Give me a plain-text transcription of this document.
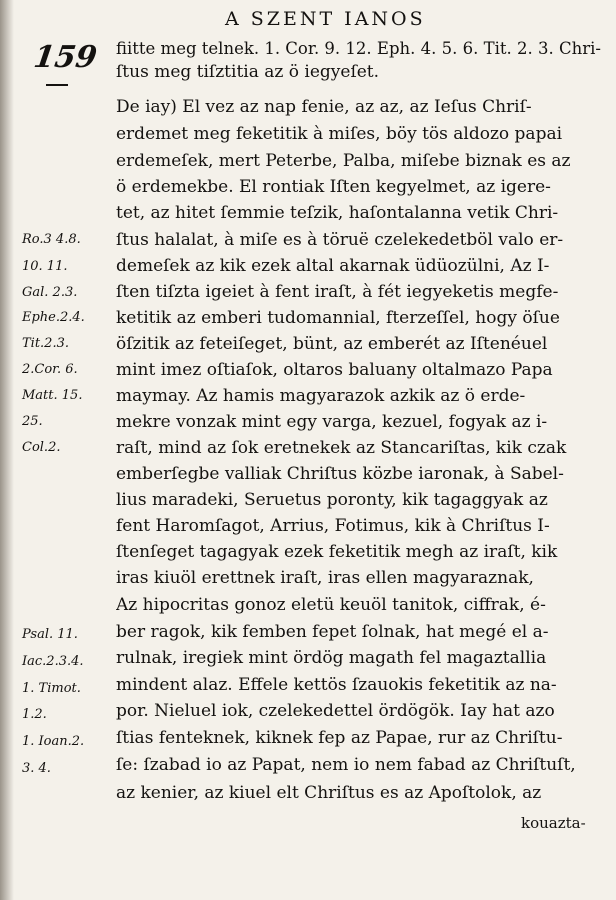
A SZENT IANOS
159
Ro.3 4.8.
10. 11.
Gal. 2.3.
Ephe.2.4.
Tit.2.3.
2.Cor. 6.
Matt. 15.
25.
Col.2.
Psal. 11.
Iac.2.3.4.
1. Timot.
1.2.
1. Ioan.2.
3. 4.
fiitte meg telnek. 1. Cor. 9. 12. Eph. 4. 5. 6. Tit. 2. 3. Chri-
ſtus meg tiſztitia az ö iegyeſet.
De iay) El vez az nap fenie, az az, az Ieſus Chriſ-
erdemet meg feketitik à miſes, böy tös aldozo papai
erdemeſek, mert Peterbe, Palba, miſebe biznak es az
ö erdemekbe. El rontiak Iſten kegyelmet, az igere-
tet, az hitet ſemmie teſzik, haſontalanna vetik Chri-
ſtus halalat, à miſe es à töruë czelekedetböl valo er-
demeſek az kik ezek altal akarnak üdüozülni, Az I-
ſten tiſzta igeiet à fent iraſt, à fét iegyeketis megfe-
ketitik az emberi tudomannial, fterzeſſel, hogy öſue
öſzitik az feteiſeget, bünt, az emberét az Iſtenéuel
mint imez oſtiaſok, oltaros baluany oltalmazo Papa
maymay. Az hamis magyarazok azkik az ö erde-
mekre vonzak mint egy varga, kezuel, fogyak az i-
raſt, mind az ſok eretnekek az Stancariſtas, kik czak
emberſegbe valliak Chriſtus közbe iaronak, à Sabel-
lius maradeki, Seruetus poronty, kik tagaggyak az
fent Haromſagot, Arrius, Fotimus, kik à Chriſtus I-
ſtenſeget tagagyak ezek feketitik megh az iraſt, kik
iras kiuöl erettnek iraſt, iras ellen magyaraznak,
Az hipocritas gonoz eletü keuöl tanitok, ciffrak, é-
ber ragok, kik femben fepet ſolnak, hat megé el a-
rulnak, iregiek mint ördög magath fel magaztallia
mindent alaz. Effele kettös ſzauokis feketitik az na-
por. Nieluel iok, czelekedettel ördögök. Iay hat azo
ſtias fenteknek, kiknek fep az Papae, rur az Chriſtu-
ſe: ſzabad io az Papat, nem io nem fabad az Chriſtuſt,
az kenier, az kiuel elt Chriſtus es az Apoſtolok, az
kouazta-
